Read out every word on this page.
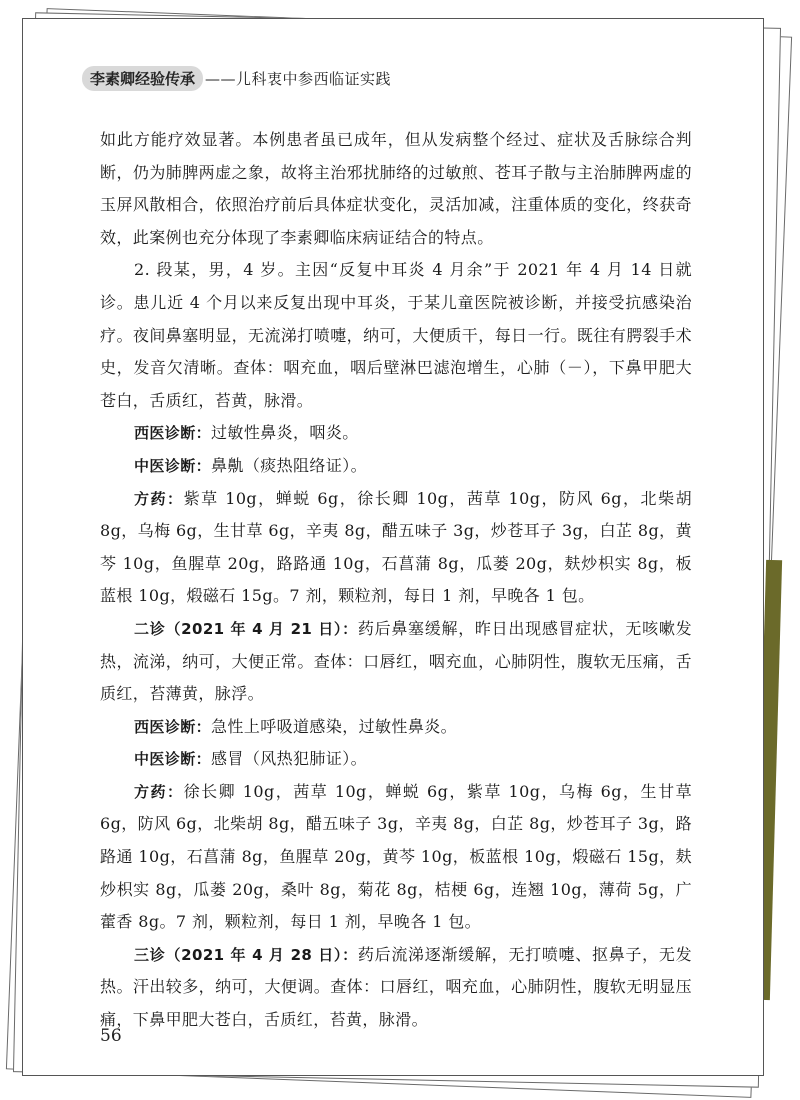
李素卿经验传承 ——儿科衷中参西临证实践

如此方能疗效显著。本例患者虽已成年，但从发病整个经过、症状及舌脉综合判断，仍为肺脾两虚之象，故将主治邪扰肺络的过敏煎、苍耳子散与主治肺脾两虚的玉屏风散相合，依照治疗前后具体症状变化，灵活加减，注重体质的变化，终获奇效，此案例也充分体现了李素卿临床病证结合的特点。

2. 段某，男，4 岁。主因“反复中耳炎 4 月余”于 2021 年 4 月 14 日就诊。患儿近 4 个月以来反复出现中耳炎，于某儿童医院被诊断，并接受抗感染治疗。夜间鼻塞明显，无流涕打喷嚏，纳可，大便质干，每日一行。既往有腭裂手术史，发音欠清晰。查体：咽充血，咽后壁淋巴滤泡增生，心肺（－），下鼻甲肥大苍白，舌质红，苔黄，脉滑。

西医诊断：过敏性鼻炎，咽炎。

中医诊断：鼻鼽（痰热阻络证）。

方药：紫草 10g，蝉蜕 6g，徐长卿 10g，茜草 10g，防风 6g，北柴胡 8g，乌梅 6g，生甘草 6g，辛夷 8g，醋五味子 3g，炒苍耳子 3g，白芷 8g，黄芩 10g，鱼腥草 20g，路路通 10g，石菖蒲 8g，瓜蒌 20g，麸炒枳实 8g，板蓝根 10g，煅磁石 15g。7 剂，颗粒剂，每日 1 剂，早晚各 1 包。

二诊（2021 年 4 月 21 日）：药后鼻塞缓解，昨日出现感冒症状，无咳嗽发热，流涕，纳可，大便正常。查体：口唇红，咽充血，心肺阴性，腹软无压痛，舌质红，苔薄黄，脉浮。

西医诊断：急性上呼吸道感染，过敏性鼻炎。

中医诊断：感冒（风热犯肺证）。

方药：徐长卿 10g，茜草 10g，蝉蜕 6g，紫草 10g，乌梅 6g，生甘草 6g，防风 6g，北柴胡 8g，醋五味子 3g，辛夷 8g，白芷 8g，炒苍耳子 3g，路路通 10g，石菖蒲 8g，鱼腥草 20g，黄芩 10g，板蓝根 10g，煅磁石 15g，麸炒枳实 8g，瓜蒌 20g，桑叶 8g，菊花 8g，桔梗 6g，连翘 10g，薄荷 5g，广藿香 8g。7 剂，颗粒剂，每日 1 剂，早晚各 1 包。

三诊（2021 年 4 月 28 日）：药后流涕逐渐缓解，无打喷嚏、抠鼻子，无发热。汗出较多，纳可，大便调。查体：口唇红，咽充血，心肺阴性，腹软无明显压痛，下鼻甲肥大苍白，舌质红，苔黄，脉滑。

56
